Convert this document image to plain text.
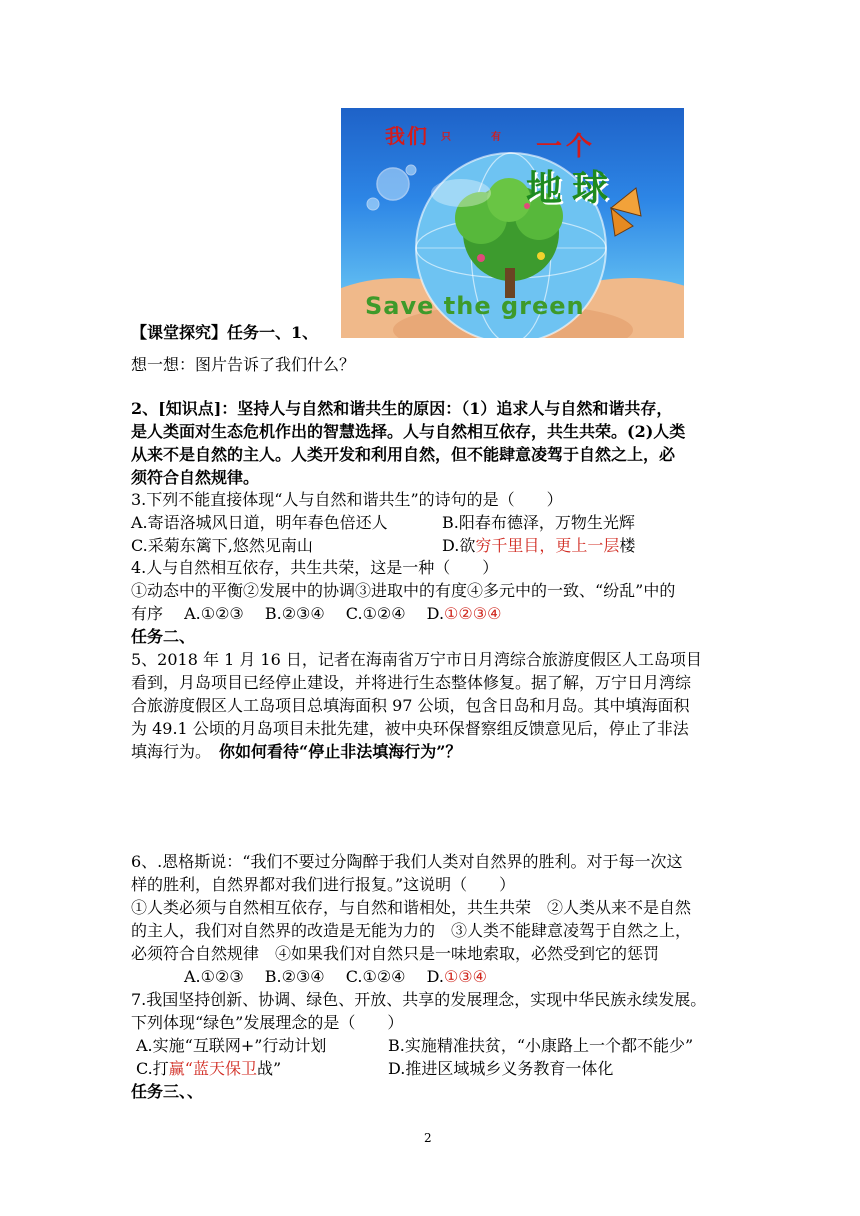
我们 只	有 一个
地球
Save the green
【课堂探究】任务一、1、
想一想：图片告诉了我们什么？
2、[知识点]：坚持人与自然和谐共生的原因：（1）追求人与自然和谐共存，
是人类面对生态危机作出的智慧选择。人与自然相互依存，共生共荣。(2)人类
从来不是自然的主人。人类开发和利用自然，但不能肆意凌驾于自然之上，必
须符合自然规律。
3.下列不能直接体现“人与自然和谐共生”的诗句的是（　　）
A.寄语洛城风日道，明年春色倍还人	B.阳春布德泽，万物生光辉
C.采菊东篱下,悠然见南山	D.欲穷千里目，更上一层楼
4.人与自然相互依存，共生共荣，这是一种（　　）
①动态中的平衡②发展中的协调③进取中的有度④多元中的一致、“纷乱”中的
有序　 A.①②③　 B.②③④　 C.①②④　 D.①②③④
任务二、
5、2018 年 1 月 16 日，记者在海南省万宁市日月湾综合旅游度假区人工岛项目
看到，月岛项目已经停止建设，并将进行生态整体修复。据了解，万宁日月湾综
合旅游度假区人工岛项目总填海面积 97 公顷，包含日岛和月岛。其中填海面积
为 49.1 公顷的月岛项目未批先建，被中央环保督察组反馈意见后，停止了非法
填海行为。　你如何看待“停止非法填海行为”？
6、.恩格斯说：“我们不要过分陶醉于我们人类对自然界的胜利。对于每一次这
样的胜利，自然界都对我们进行报复。”这说明（　　）
①人类必须与自然相互依存，与自然和谐相处，共生共荣　②人类从来不是自然
的主人，我们对自然界的改造是无能为力的　③人类不能肆意凌驾于自然之上，
必须符合自然规律　④如果我们对自然只是一味地索取，必然受到它的惩罚
A.①②③　 B.②③④　 C.①②④　 D.①③④
7.我国坚持创新、协调、绿色、开放、共享的发展理念，实现中华民族永续发展。
下列体现“绿色”发展理念的是（　　）
A.实施“互联网+”行动计划	B.实施精准扶贫，“小康路上一个都不能少”
C.打赢“蓝天保卫战”	D.推进区域城乡义务教育一体化
任务三、、
2
